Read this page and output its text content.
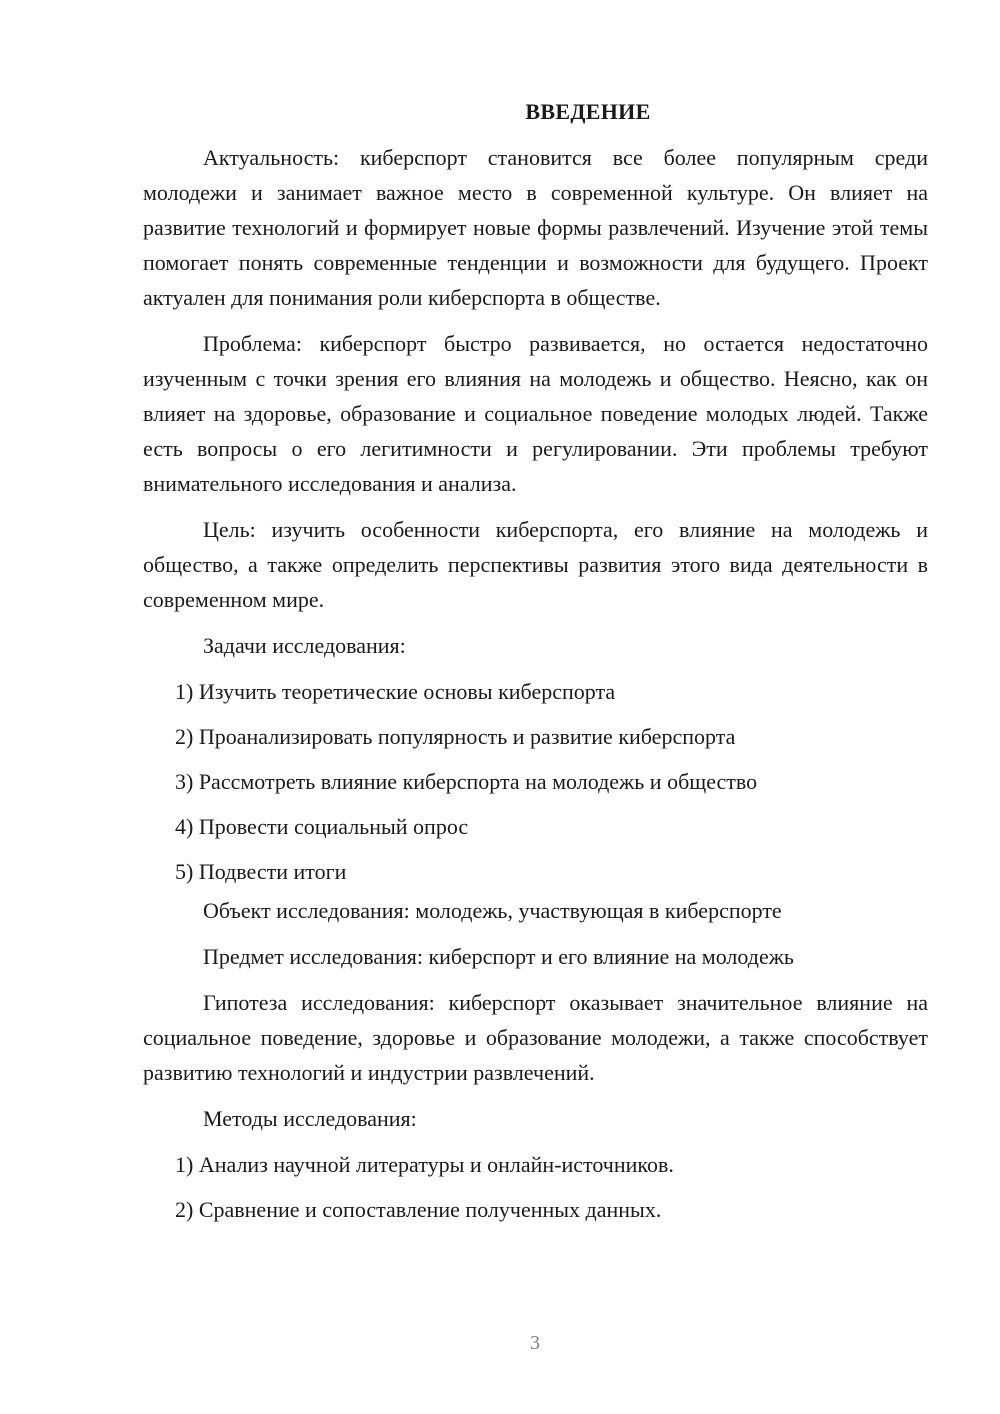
ВВЕДЕНИЕ

Актуальность: киберспорт становится все более популярным среди молодежи и занимает важное место в современной культуре. Он влияет на развитие технологий и формирует новые формы развлечений. Изучение этой темы помогает понять современные тенденции и возможности для будущего. Проект актуален для понимания роли киберспорта в обществе.

Проблема: киберспорт быстро развивается, но остается недостаточно изученным с точки зрения его влияния на молодежь и общество. Неясно, как он влияет на здоровье, образование и социальное поведение молодых людей. Также есть вопросы о его легитимности и регулировании. Эти проблемы требуют внимательного исследования и анализа.

Цель: изучить особенности киберспорта, его влияние на молодежь и общество, а также определить перспективы развития этого вида деятельности в современном мире.

Задачи исследования:

1) Изучить теоретические основы киберспорта

2) Проанализировать популярность и развитие киберспорта

3) Рассмотреть влияние киберспорта на молодежь и общество

4) Провести социальный опрос

5) Подвести итоги

Объект исследования: молодежь, участвующая в киберспорте

Предмет исследования: киберспорт и его влияние на молодежь

Гипотеза исследования: киберспорт оказывает значительное влияние на социальное поведение, здоровье и образование молодежи, а также способствует развитию технологий и индустрии развлечений.

Методы исследования:

1) Анализ научной литературы и онлайн-источников.

2) Сравнение и сопоставление полученных данных.

3
